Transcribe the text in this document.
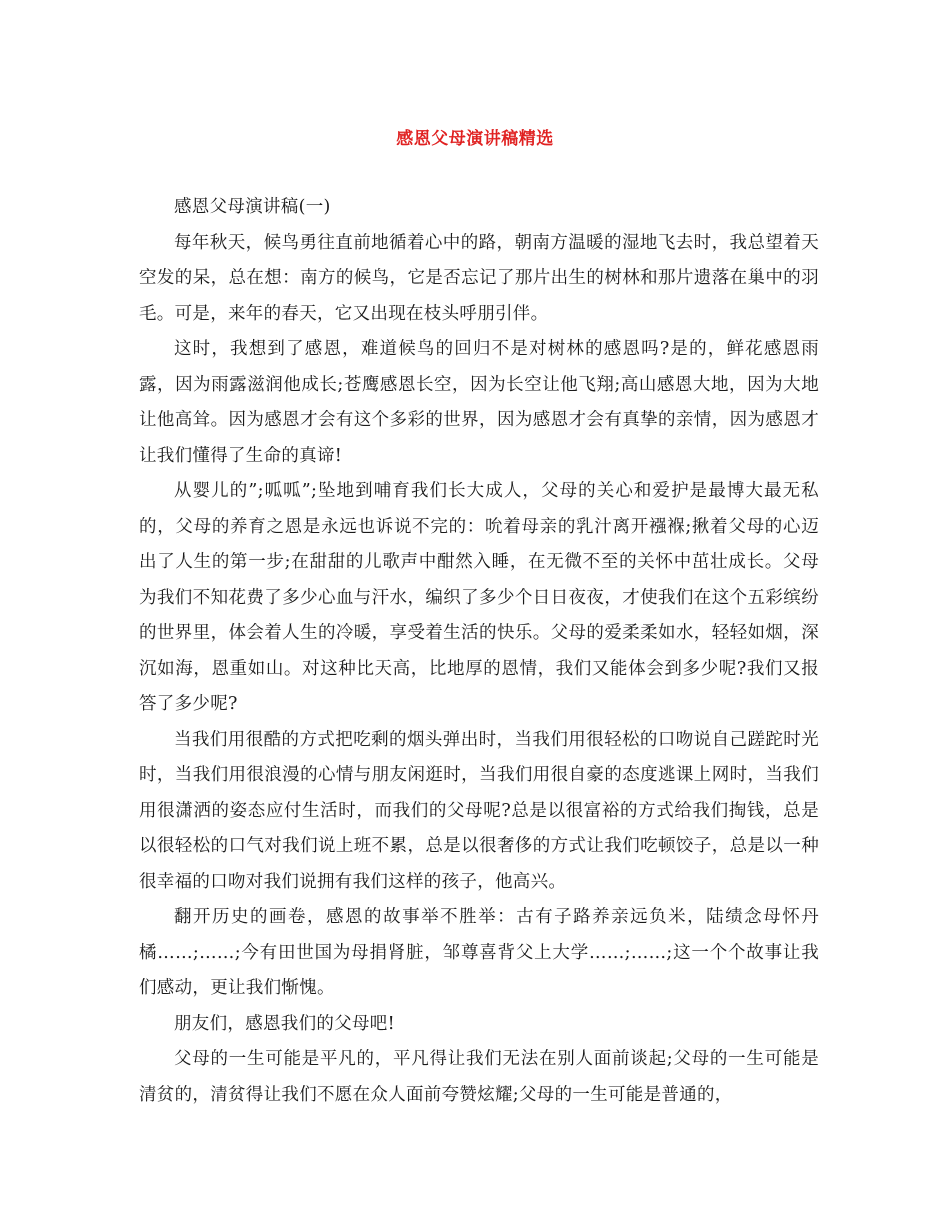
感恩父母演讲稿精选

感恩父母演讲稿(一)

每年秋天，候鸟勇往直前地循着心中的路，朝南方温暖的湿地飞去时，我总望着天空发的呆，总在想：南方的候鸟，它是否忘记了那片出生的树林和那片遗落在巢中的羽毛。可是，来年的春天，它又出现在枝头呼朋引伴。

这时，我想到了感恩，难道候鸟的回归不是对树林的感恩吗?是的，鲜花感恩雨露，因为雨露滋润他成长;苍鹰感恩长空，因为长空让他飞翔;高山感恩大地，因为大地让他高耸。因为感恩才会有这个多彩的世界，因为感恩才会有真挚的亲情，因为感恩才让我们懂得了生命的真谛!

从婴儿的”;呱呱”;坠地到哺育我们长大成人，父母的关心和爱护是最博大最无私的，父母的养育之恩是永远也诉说不完的：吮着母亲的乳汁离开襁褓;揪着父母的心迈出了人生的第一步;在甜甜的儿歌声中酣然入睡，在无微不至的关怀中茁壮成长。父母为我们不知花费了多少心血与汗水，编织了多少个日日夜夜，才使我们在这个五彩缤纷的世界里，体会着人生的冷暖，享受着生活的快乐。父母的爱柔柔如水，轻轻如烟，深沉如海，恩重如山。对这种比天高，比地厚的恩情，我们又能体会到多少呢?我们又报答了多少呢?

当我们用很酷的方式把吃剩的烟头弹出时，当我们用很轻松的口吻说自己蹉跎时光时，当我们用很浪漫的心情与朋友闲逛时，当我们用很自豪的态度逃课上网时，当我们用很潇洒的姿态应付生活时，而我们的父母呢?总是以很富裕的方式给我们掏钱，总是以很轻松的口气对我们说上班不累，总是以很奢侈的方式让我们吃顿饺子，总是以一种很幸福的口吻对我们说拥有我们这样的孩子，他高兴。

翻开历史的画卷，感恩的故事举不胜举：古有子路养亲远负米，陆绩念母怀丹橘……;……;今有田世国为母捐肾脏，邹尊喜背父上大学……;……;这一个个故事让我们感动，更让我们惭愧。

朋友们，感恩我们的父母吧!

父母的一生可能是平凡的，平凡得让我们无法在别人面前谈起;父母的一生可能是清贫的，清贫得让我们不愿在众人面前夸赞炫耀;父母的一生可能是普通的，
